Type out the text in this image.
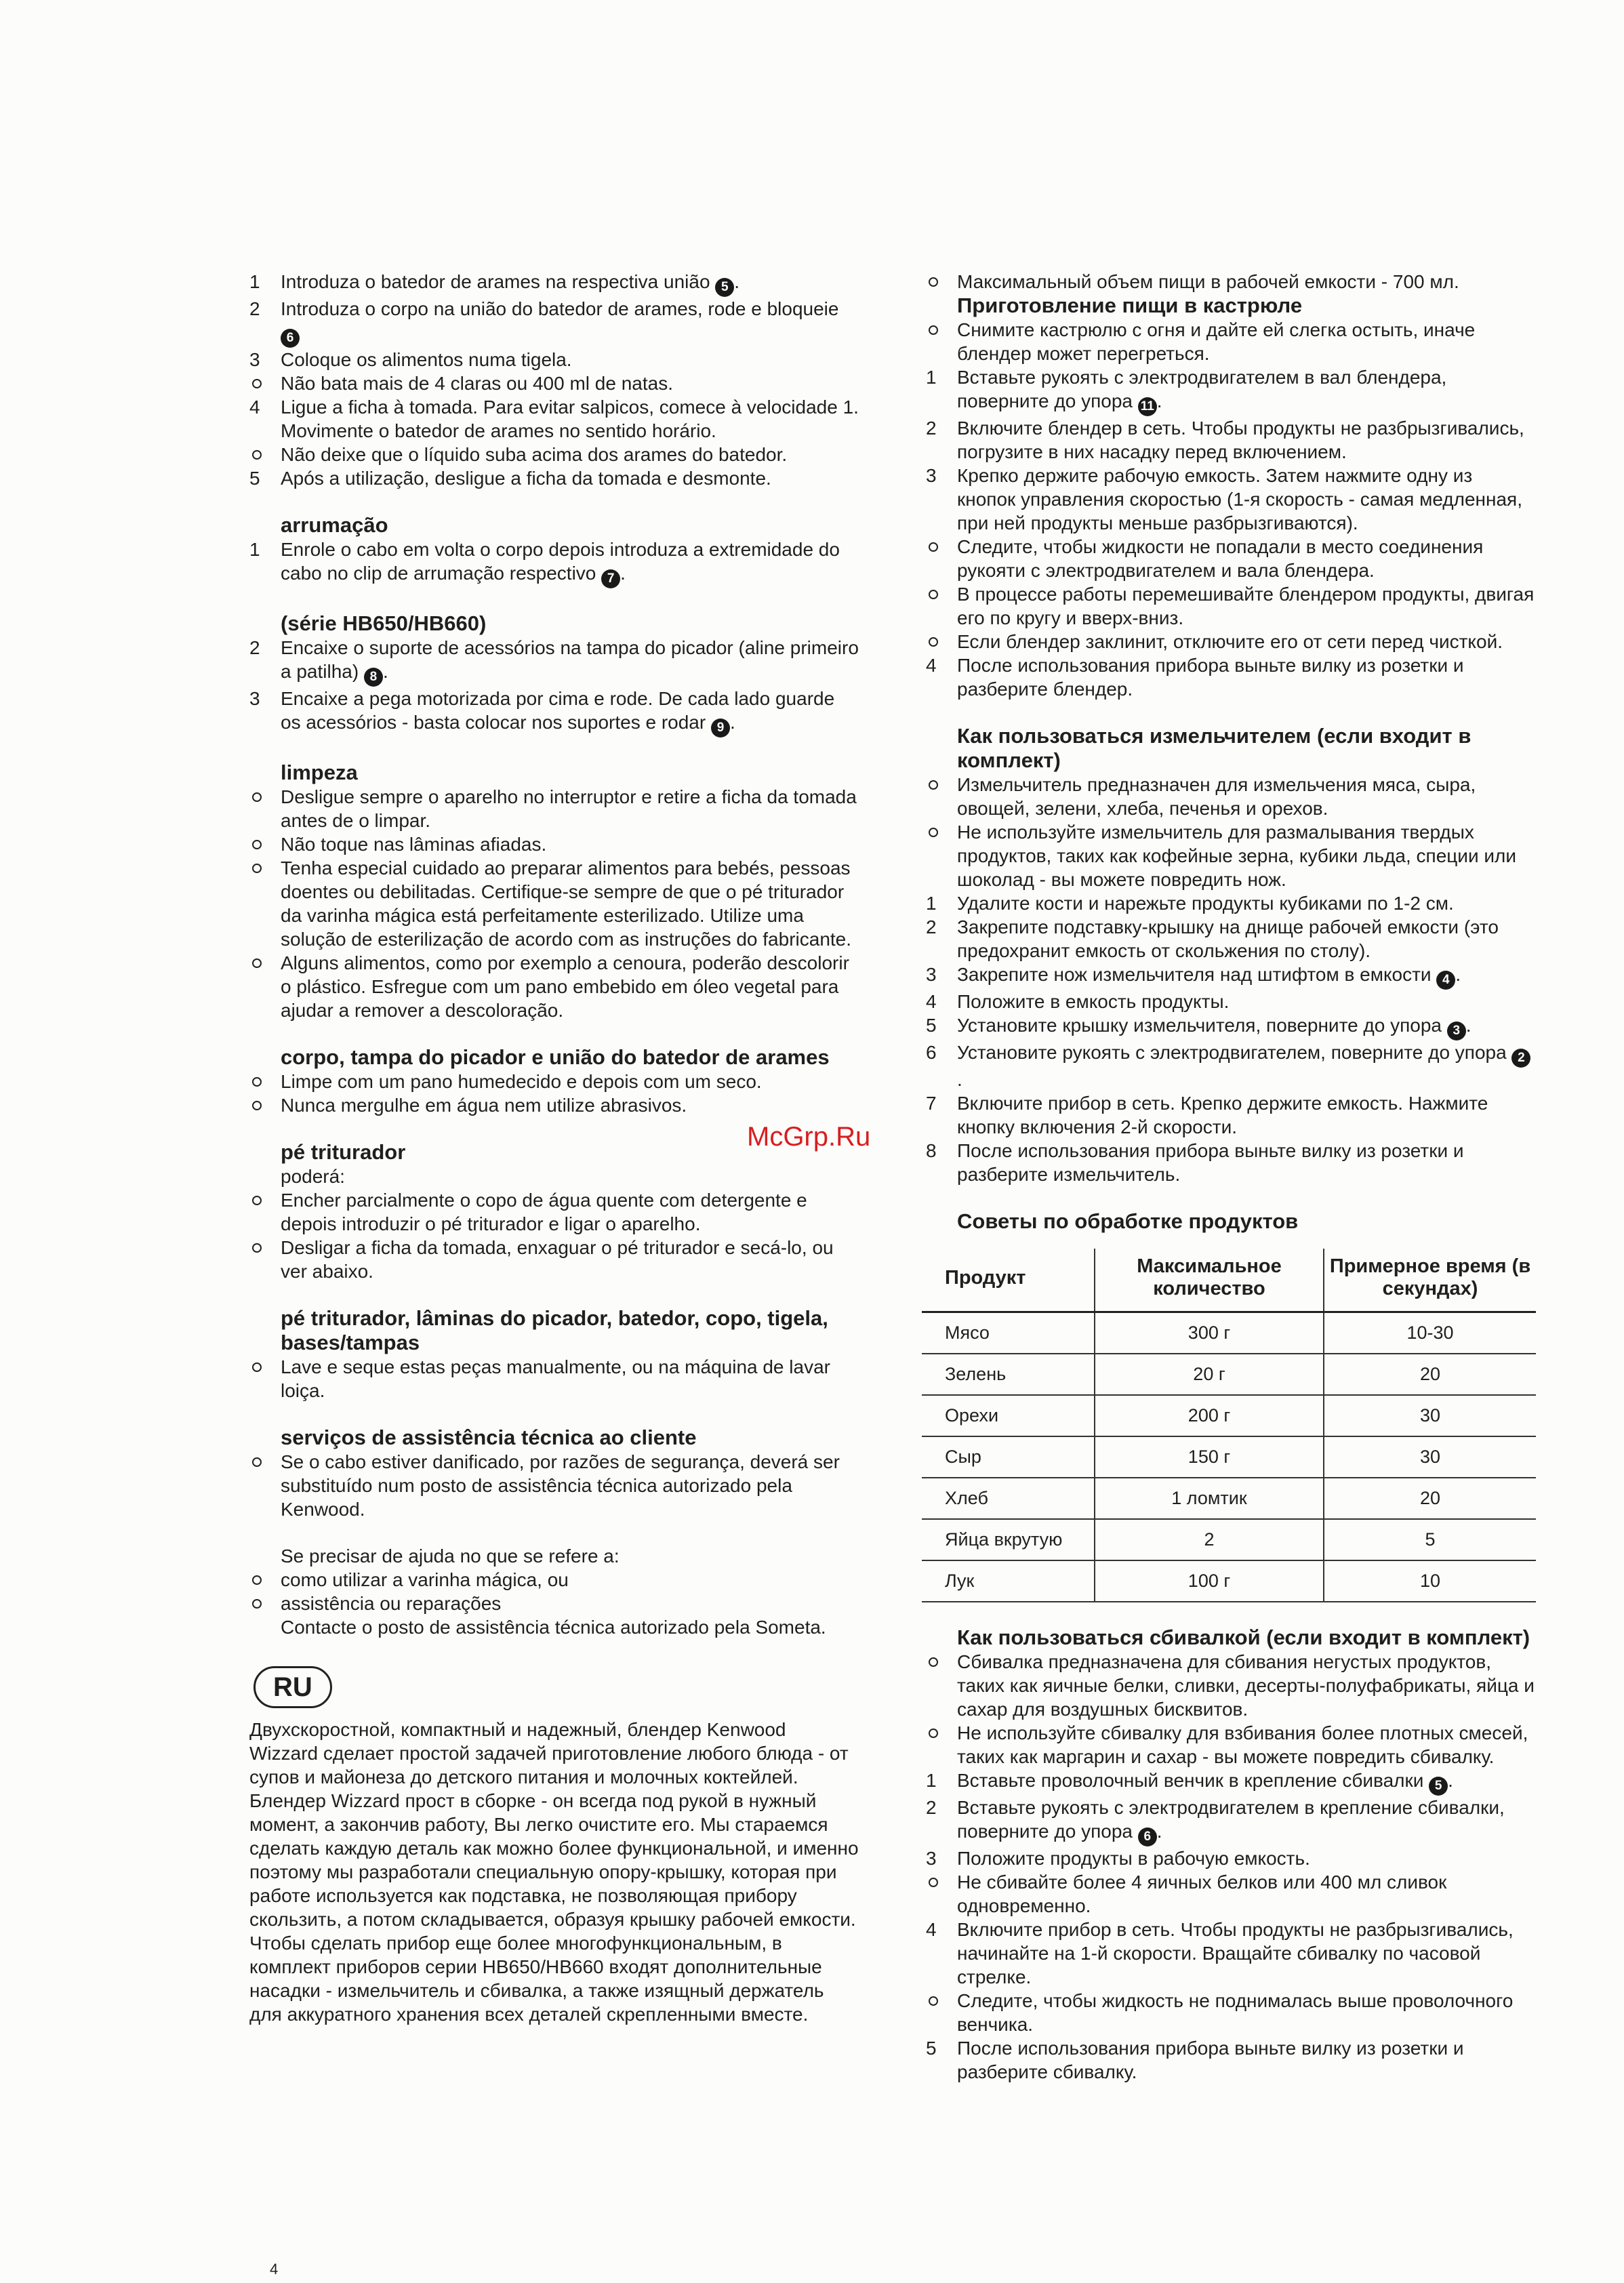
1	Introduza o batedor de arames na respectiva união 5 .
2	Introduza o corpo na união do batedor de arames, rode e bloqueie 6
3	Coloque os alimentos numa tigela.
Não bata mais de 4 claras ou 400 ml de natas.
4	Ligue a ficha à tomada. Para evitar salpicos, comece à velocidade 1. Movimente o batedor de arames no sentido horário.
Não deixe que o líquido suba acima dos arames do batedor.
5	Após a utilização, desligue a ficha da tomada e desmonte.
arrumação
1	Enrole o cabo em volta o corpo depois introduza a extremidade do cabo no clip de arrumação respectivo 7 .
(série HB650/HB660)
2	Encaixe o suporte de acessórios na tampa do picador (aline primeiro a patilha) 8 .
3	Encaixe a pega motorizada por cima e rode. De cada lado guarde os acessórios - basta colocar nos suportes e rodar 9 .
limpeza
Desligue sempre o aparelho no interruptor e retire a ficha da tomada antes de o limpar.
Não toque nas lâminas afiadas.
Tenha especial cuidado ao preparar alimentos para bebés, pessoas doentes ou debilitadas. Certifique-se sempre de que o pé triturador da varinha mágica está perfeitamente esterilizado. Utilize uma solução de esterilização de acordo com as instruções do fabricante.
Alguns alimentos, como por exemplo a cenoura, poderão descolorir o plástico. Esfregue com um pano embebido em óleo vegetal para ajudar a remover a descoloração.
corpo, tampa do picador e união do batedor de arames
Limpe com um pano humedecido e depois com um seco.
Nunca mergulhe em água nem utilize abrasivos.
pé triturador
poderá:
Encher parcialmente o copo de água quente com detergente e depois introduzir o pé triturador e ligar o aparelho.
Desligar a ficha da tomada, enxaguar o pé triturador e secá-lo, ou ver abaixo.
pé triturador, lâminas do picador, batedor, copo, tigela, bases/tampas
Lave e seque estas peças manualmente, ou na máquina de lavar loiça.
serviços de assistência técnica ao cliente
Se o cabo estiver danificado, por razões de segurança, deverá ser substituído num posto de assistência técnica autorizado pela Kenwood.
Se precisar de ajuda no que se refere a:
como utilizar a varinha mágica, ou
assistência ou reparações
Contacte o posto de assistência técnica autorizado pela Someta.
RU
Двухскоростной, компактный и надежный, блендер Kenwood Wizzard сделает простой задачей приготовление любого блюда - от супов и майонеза до детского питания и молочных коктейлей. Блендер Wizzard прост в сборке - он всегда под рукой в нужный момент, а закончив работу, Вы легко очистите его. Мы стараемся сделать каждую деталь как можно более функциональной, и именно поэтому мы разработали специальную опору-крышку, которая при работе используется как подставка, не позволяющая прибору скользить, а потом складывается, образуя крышку рабочей емкости.
Чтобы сделать прибор еще более многофункциональным, в комплект приборов серии HB650/HB660 входят дополнительные насадки - измельчитель и сбивалка, а также изящный держатель для аккуратного хранения всех деталей скрепленными вместе.
Максимальный объем пищи в рабочей емкости - 700 мл.
Приготовление пищи в кастрюле
Снимите кастрюлю с огня и дайте ей слегка остыть, иначе блендер может перегреться.
1	Вставьте рукоять с электродвигателем в вал блендера, поверните до упора 11 .
2	Включите блендер в сеть. Чтобы продукты не разбрызгивались, погрузите в них насадку перед включением.
3	Крепко держите рабочую емкость. Затем нажмите одну из кнопок управления скоростью (1-я скорость - самая медленная, при ней продукты меньше разбрызгиваются).
Следите, чтобы жидкости не попадали в место соединения рукояти с электродвигателем и вала блендера.
В процессе работы перемешивайте блендером продукты, двигая его по кругу и вверх-вниз.
Если блендер заклинит, отключите его от сети перед чисткой.
4	После использования прибора выньте вилку из розетки и разберите блендер.
Как пользоваться измельчителем (если входит в комплект)
Измельчитель предназначен для измельчения мяса, сыра, овощей, зелени, хлеба, печенья и орехов.
Не используйте измельчитель для размалывания твердых продуктов, таких как кофейные зерна, кубики льда, специи или шоколад - вы можете повредить нож.
1	Удалите кости и нарежьте продукты кубиками по 1-2 см.
2	Закрепите подставку-крышку на днище рабочей емкости (это предохранит емкость от скольжения по столу).
3	Закрепите нож измельчителя над штифтом в емкости 4 .
4	Положите в емкость продукты.
5	Установите крышку измельчителя, поверните до упора 3 .
6	Установите рукоять с электродвигателем, поверните до упора 2.
7	Включите прибор в сеть. Крепко держите емкость. Нажмите кнопку включения 2-й скорости.
8	После использования прибора выньте вилку из розетки и разберите измельчитель.
Советы по обработке продуктов
Продукт	Максимальное количество	Примерное время (в секундах)
Мясо	300 г	10-30
Зелень	20 г	20
Орехи	200 г	30
Сыр	150 г	30
Хлеб	1 ломтик	20
Яйца вкрутую	2	5
Лук	100 г	10
Как пользоваться сбивалкой (если входит в комплект)
Сбивалка предназначена для сбивания негустых продуктов, таких как яичные белки, сливки, десерты-полуфабрикаты, яйца и сахар для воздушных бисквитов.
Не используйте сбивалку для взбивания более плотных смесей, таких как маргарин и сахар - вы можете повредить сбивалку.
1	Вставьте проволочный венчик в крепление сбивалки 5 .
2	Вставьте рукоять с электродвигателем в крепление сбивалки, поверните до упора 6 .
3	Положите продукты в рабочую емкость.
Не сбивайте более 4 яичных белков или 400 мл сливок одновременно.
4	Включите прибор в сеть. Чтобы продукты не разбрызгивались, начинайте на 1-й скорости. Вращайте сбивалку по часовой стрелке.
Следите, чтобы жидкость не поднималась выше проволочного венчика.
5	После использования прибора выньте вилку из розетки и разберите сбивалку.
McGrp.Ru
4
